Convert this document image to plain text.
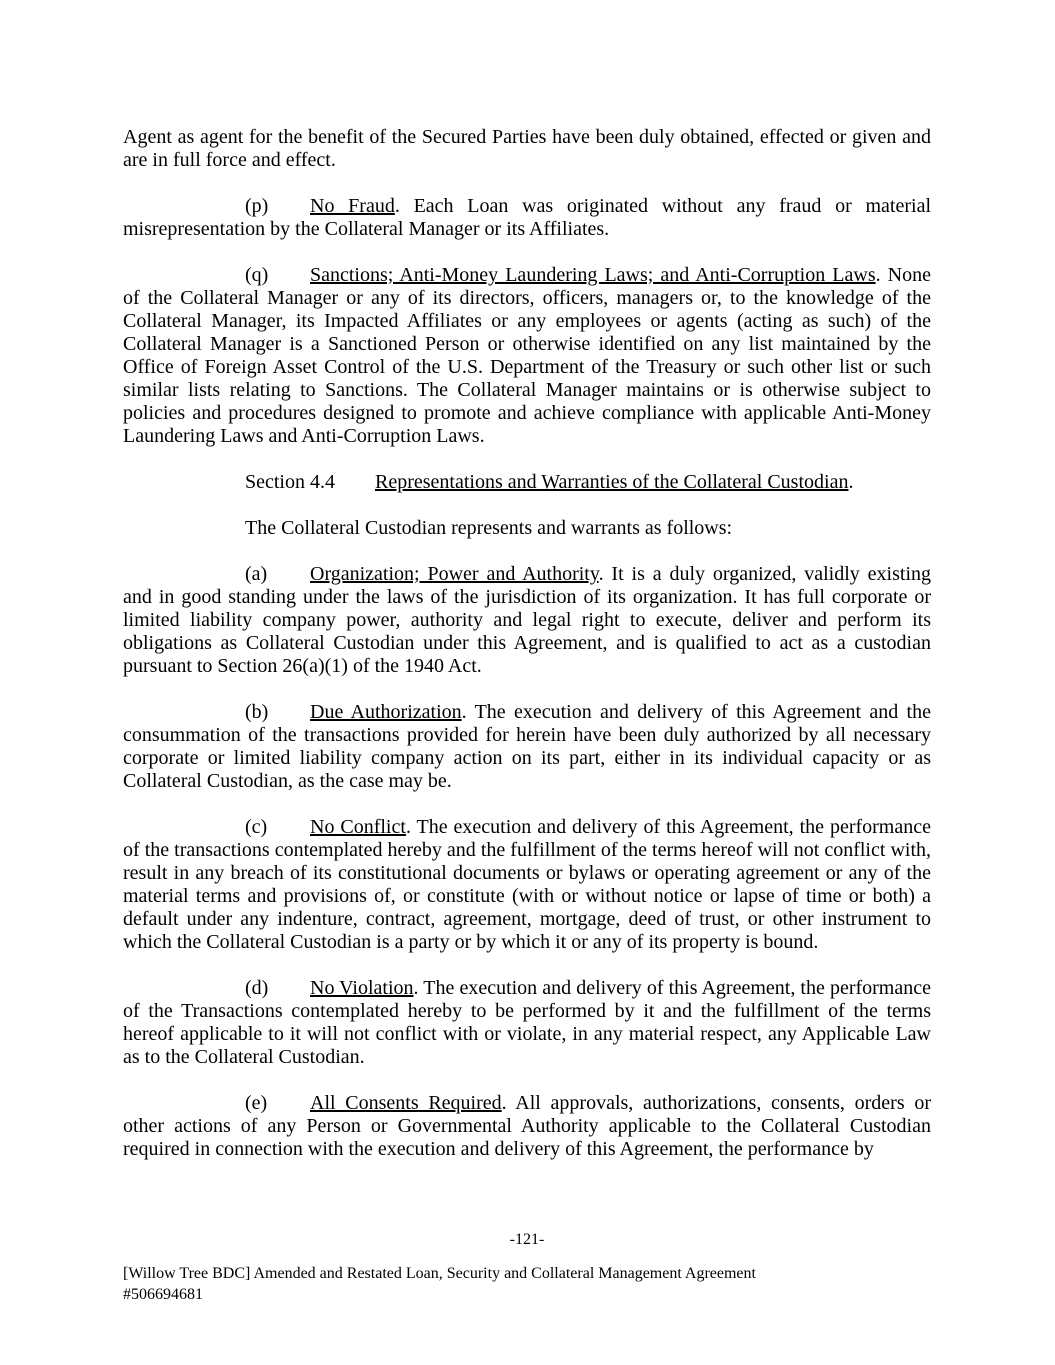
Agent as agent for the benefit of the Secured Parties have been duly obtained, effected or given and are in full force and effect.

(p) No Fraud. Each Loan was originated without any fraud or material misrepresentation by the Collateral Manager or its Affiliates.

(q) Sanctions; Anti-Money Laundering Laws; and Anti-Corruption Laws. None of the Collateral Manager or any of its directors, officers, managers or, to the knowledge of the Collateral Manager, its Impacted Affiliates or any employees or agents (acting as such) of the Collateral Manager is a Sanctioned Person or otherwise identified on any list maintained by the Office of Foreign Asset Control of the U.S. Department of the Treasury or such other list or such similar lists relating to Sanctions. The Collateral Manager maintains or is otherwise subject to policies and procedures designed to promote and achieve compliance with applicable Anti-Money Laundering Laws and Anti-Corruption Laws.

Section 4.4 Representations and Warranties of the Collateral Custodian.

The Collateral Custodian represents and warrants as follows:

(a) Organization; Power and Authority. It is a duly organized, validly existing and in good standing under the laws of the jurisdiction of its organization. It has full corporate or limited liability company power, authority and legal right to execute, deliver and perform its obligations as Collateral Custodian under this Agreement, and is qualified to act as a custodian pursuant to Section 26(a)(1) of the 1940 Act.

(b) Due Authorization. The execution and delivery of this Agreement and the consummation of the transactions provided for herein have been duly authorized by all necessary corporate or limited liability company action on its part, either in its individual capacity or as Collateral Custodian, as the case may be.

(c) No Conflict. The execution and delivery of this Agreement, the performance of the transactions contemplated hereby and the fulfillment of the terms hereof will not conflict with, result in any breach of its constitutional documents or bylaws or operating agreement or any of the material terms and provisions of, or constitute (with or without notice or lapse of time or both) a default under any indenture, contract, agreement, mortgage, deed of trust, or other instrument to which the Collateral Custodian is a party or by which it or any of its property is bound.

(d) No Violation. The execution and delivery of this Agreement, the performance of the Transactions contemplated hereby to be performed by it and the fulfillment of the terms hereof applicable to it will not conflict with or violate, in any material respect, any Applicable Law as to the Collateral Custodian.

(e) All Consents Required. All approvals, authorizations, consents, orders or other actions of any Person or Governmental Authority applicable to the Collateral Custodian required in connection with the execution and delivery of this Agreement, the performance by

-121-
[Willow Tree BDC] Amended and Restated Loan, Security and Collateral Management Agreement
#506694681
